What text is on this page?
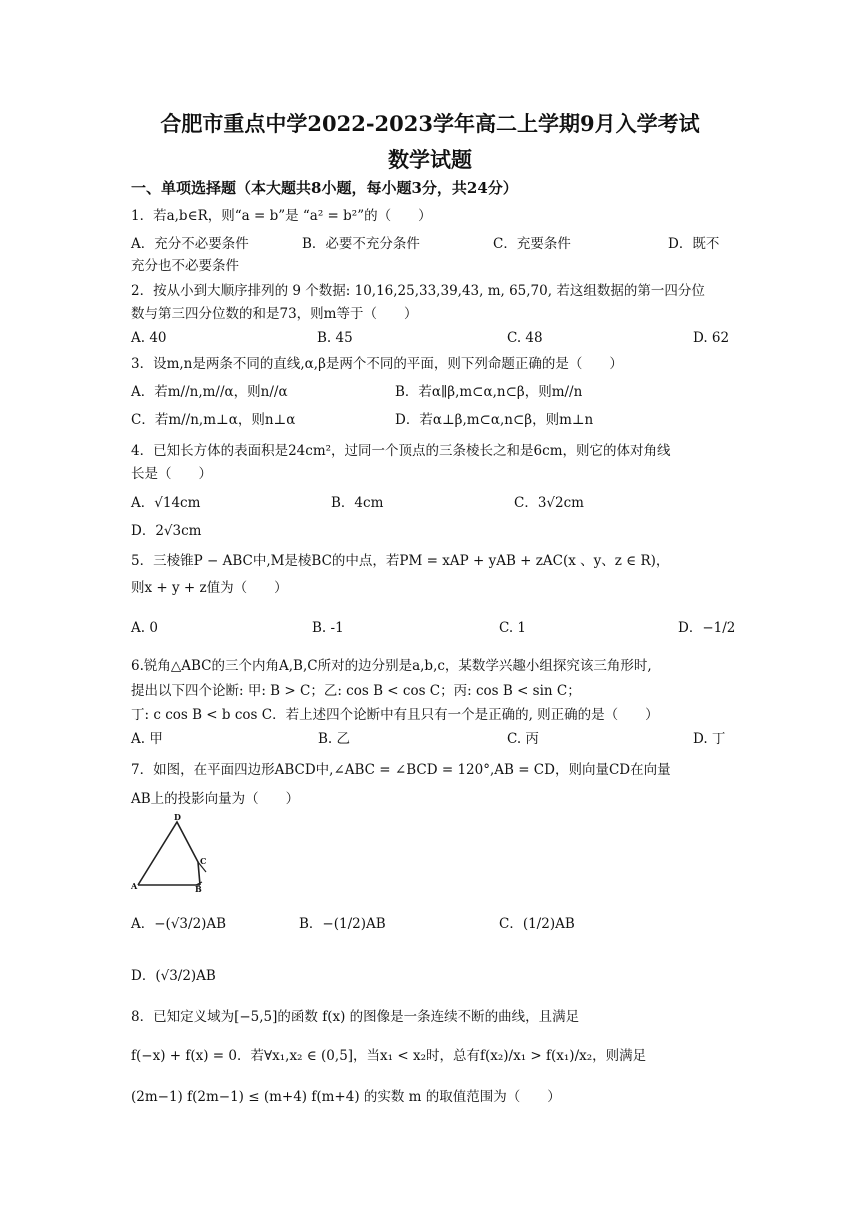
合肥市重点中学2022-2023学年高二上学期9月入学考试
数学试题
一、单项选择题（本大题共8小题，每小题3分，共24分）
1．若a,b∈R，则“a = b”是 “a² = b²”的（　　）
A．充分不必要条件	B．必要不充分条件	C．充要条件	D．既不
充分也不必要条件
2．按从小到大顺序排列的 9 个数据: 10,16,25,33,39,43, m, 65,70, 若这组数据的第一四分位
数与第三四分位数的和是73，则m等于（　　）
A. 40	B. 45	C. 48	D. 62
3．设m,n是两条不同的直线,α,β是两个不同的平面，则下列命题正确的是（　　）
A．若m//n,m//α，则n//α	B．若α∥β,m⊂α,n⊂β，则m//n
C．若m//n,m⊥α，则n⊥α	D．若α⊥β,m⊂α,n⊂β，则m⊥n
4．已知长方体的表面积是24cm²，过同一个顶点的三条棱长之和是6cm，则它的体对角线
长是（　　）
A．√14cm	B．4cm	C．3√2cm
D．2√3cm
5．三棱锥P − ABC中,M是棱BC的中点，若PM = xAP + yAB + zAC(x 、y、z ∈ R)，
则x + y + z值为（　　）
A. 0	B. -1	C. 1	D．−1/2
6.锐角△ABC的三个内角A,B,C所对的边分别是a,b,c，某数学兴趣小组探究该三角形时,
提出以下四个论断: 甲: B > C；乙: cos B < cos C；丙: cos B < sin C；
丁: c cos B < b cos C．若上述四个论断中有且只有一个是正确的, 则正确的是（　　）
A. 甲	B. 乙	C. 丙	D. 丁
7．如图，在平面四边形ABCD中,∠ABC = ∠BCD = 120°,AB = CD，则向量CD在向量
AB上的投影向量为（　　）
D
C
A	B
A．−(√3/2)AB	B．−(1/2)AB	C．(1/2)AB
D．(√3/2)AB
8．已知定义域为[−5,5]的函数 f(x) 的图像是一条连续不断的曲线，且满足
f(−x) + f(x) = 0．若∀x₁,x₂ ∈ (0,5]，当x₁ < x₂时，总有f(x₂)/x₁ > f(x₁)/x₂，则满足
(2m−1) f(2m−1) ≤ (m+4) f(m+4) 的实数 m 的取值范围为（　　）
